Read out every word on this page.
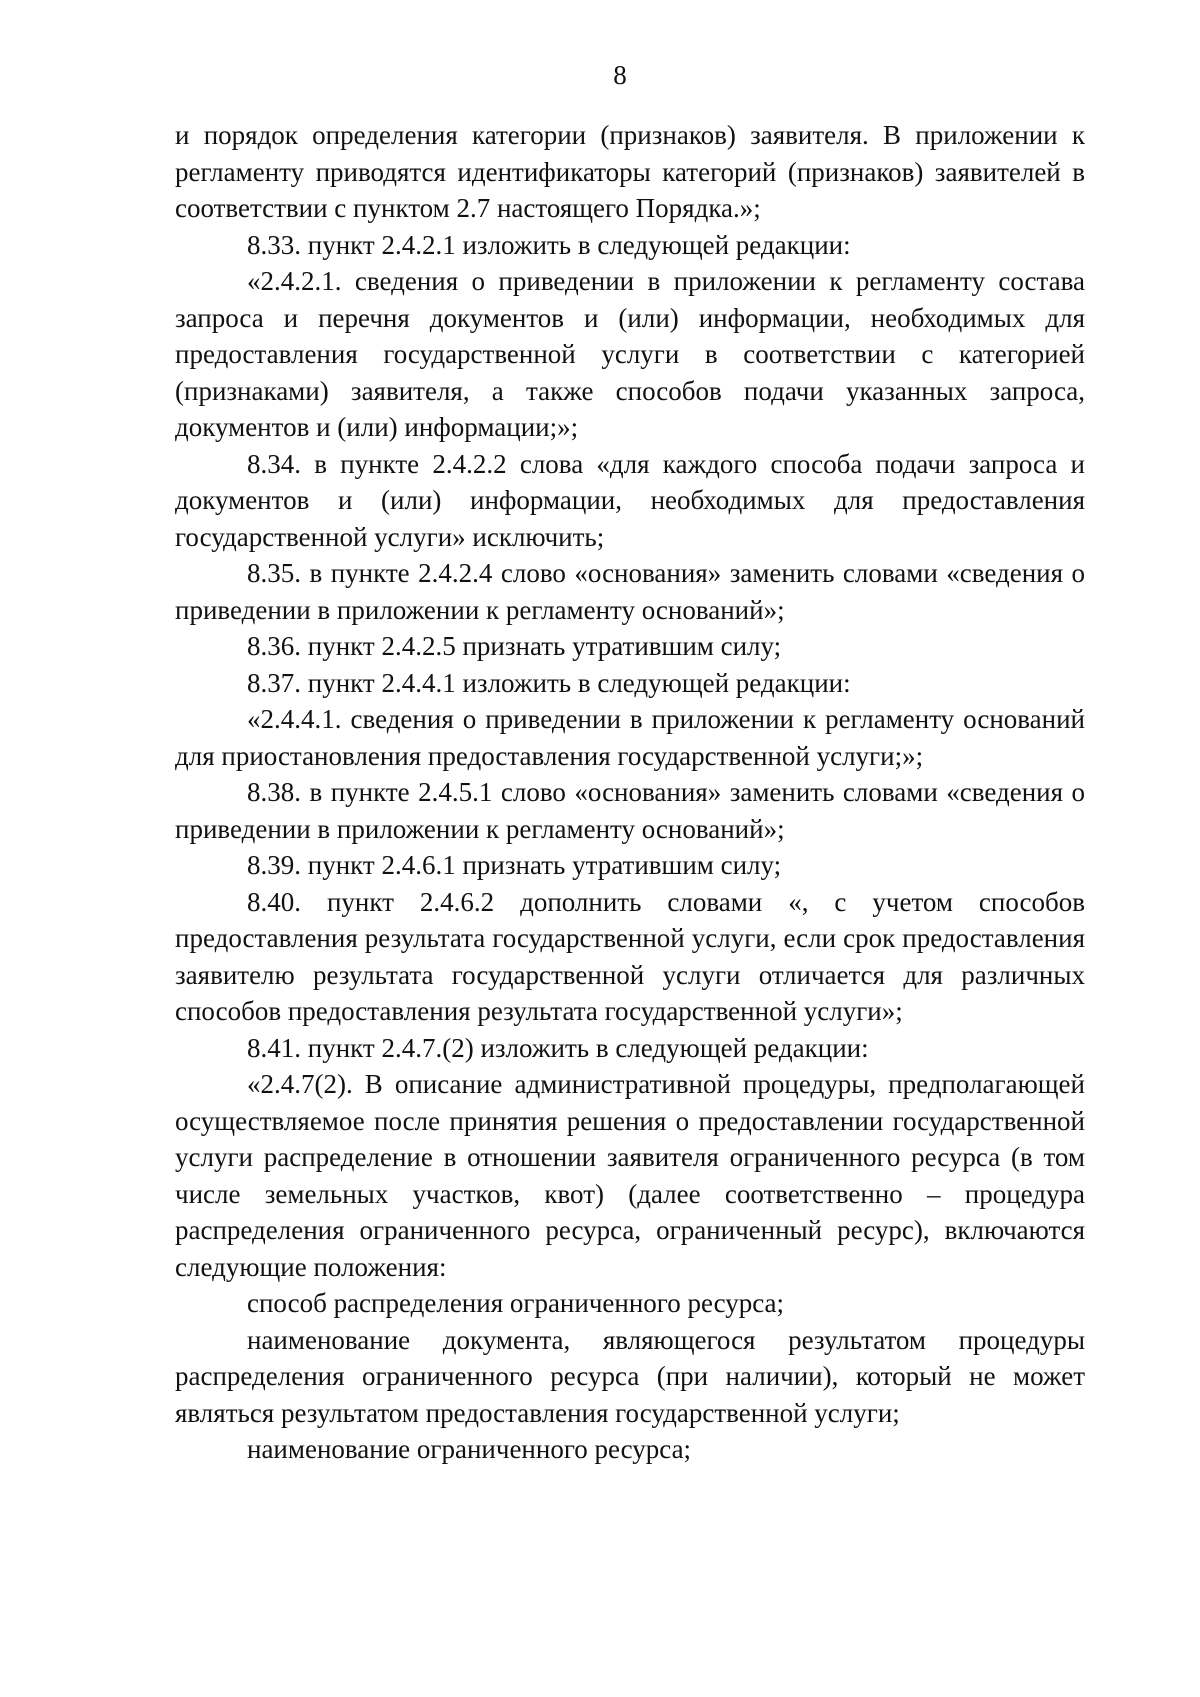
8

и порядок определения категории (признаков) заявителя. В приложении к регламенту приводятся идентификаторы категорий (признаков) заявителей в соответствии с пунктом 2.7 настоящего Порядка.»;

8.33. пункт 2.4.2.1 изложить в следующей редакции:

«2.4.2.1. сведения о приведении в приложении к регламенту состава запроса и перечня документов и (или) информации, необходимых для предоставления государственной услуги в соответствии с категорией (признаками) заявителя, а также способов подачи указанных запроса, документов и (или) информации;»;

8.34. в пункте 2.4.2.2 слова «для каждого способа подачи запроса и документов и (или) информации, необходимых для предоставления государственной услуги» исключить;

8.35. в пункте 2.4.2.4 слово «основания» заменить словами «сведения о приведении в приложении к регламенту оснований»;

8.36. пункт 2.4.2.5 признать утратившим силу;

8.37. пункт 2.4.4.1 изложить в следующей редакции:

«2.4.4.1. сведения о приведении в приложении к регламенту оснований для приостановления предоставления государственной услуги;»;

8.38. в пункте 2.4.5.1 слово «основания» заменить словами «сведения о приведении в приложении к регламенту оснований»;

8.39. пункт 2.4.6.1 признать утратившим силу;

8.40. пункт 2.4.6.2 дополнить словами «, с учетом способов предоставления результата государственной услуги, если срок предоставления заявителю результата государственной услуги отличается для различных способов предоставления результата государственной услуги»;

8.41. пункт 2.4.7.(2) изложить в следующей редакции:

«2.4.7(2). В описание административной процедуры, предполагающей осуществляемое после принятия решения о предоставлении государственной услуги распределение в отношении заявителя ограниченного ресурса (в том числе земельных участков, квот) (далее соответственно – процедура распределения ограниченного ресурса, ограниченный ресурс), включаются следующие положения:

способ распределения ограниченного ресурса;

наименование документа, являющегося результатом процедуры распределения ограниченного ресурса (при наличии), который не может являться результатом предоставления государственной услуги;

наименование ограниченного ресурса;
